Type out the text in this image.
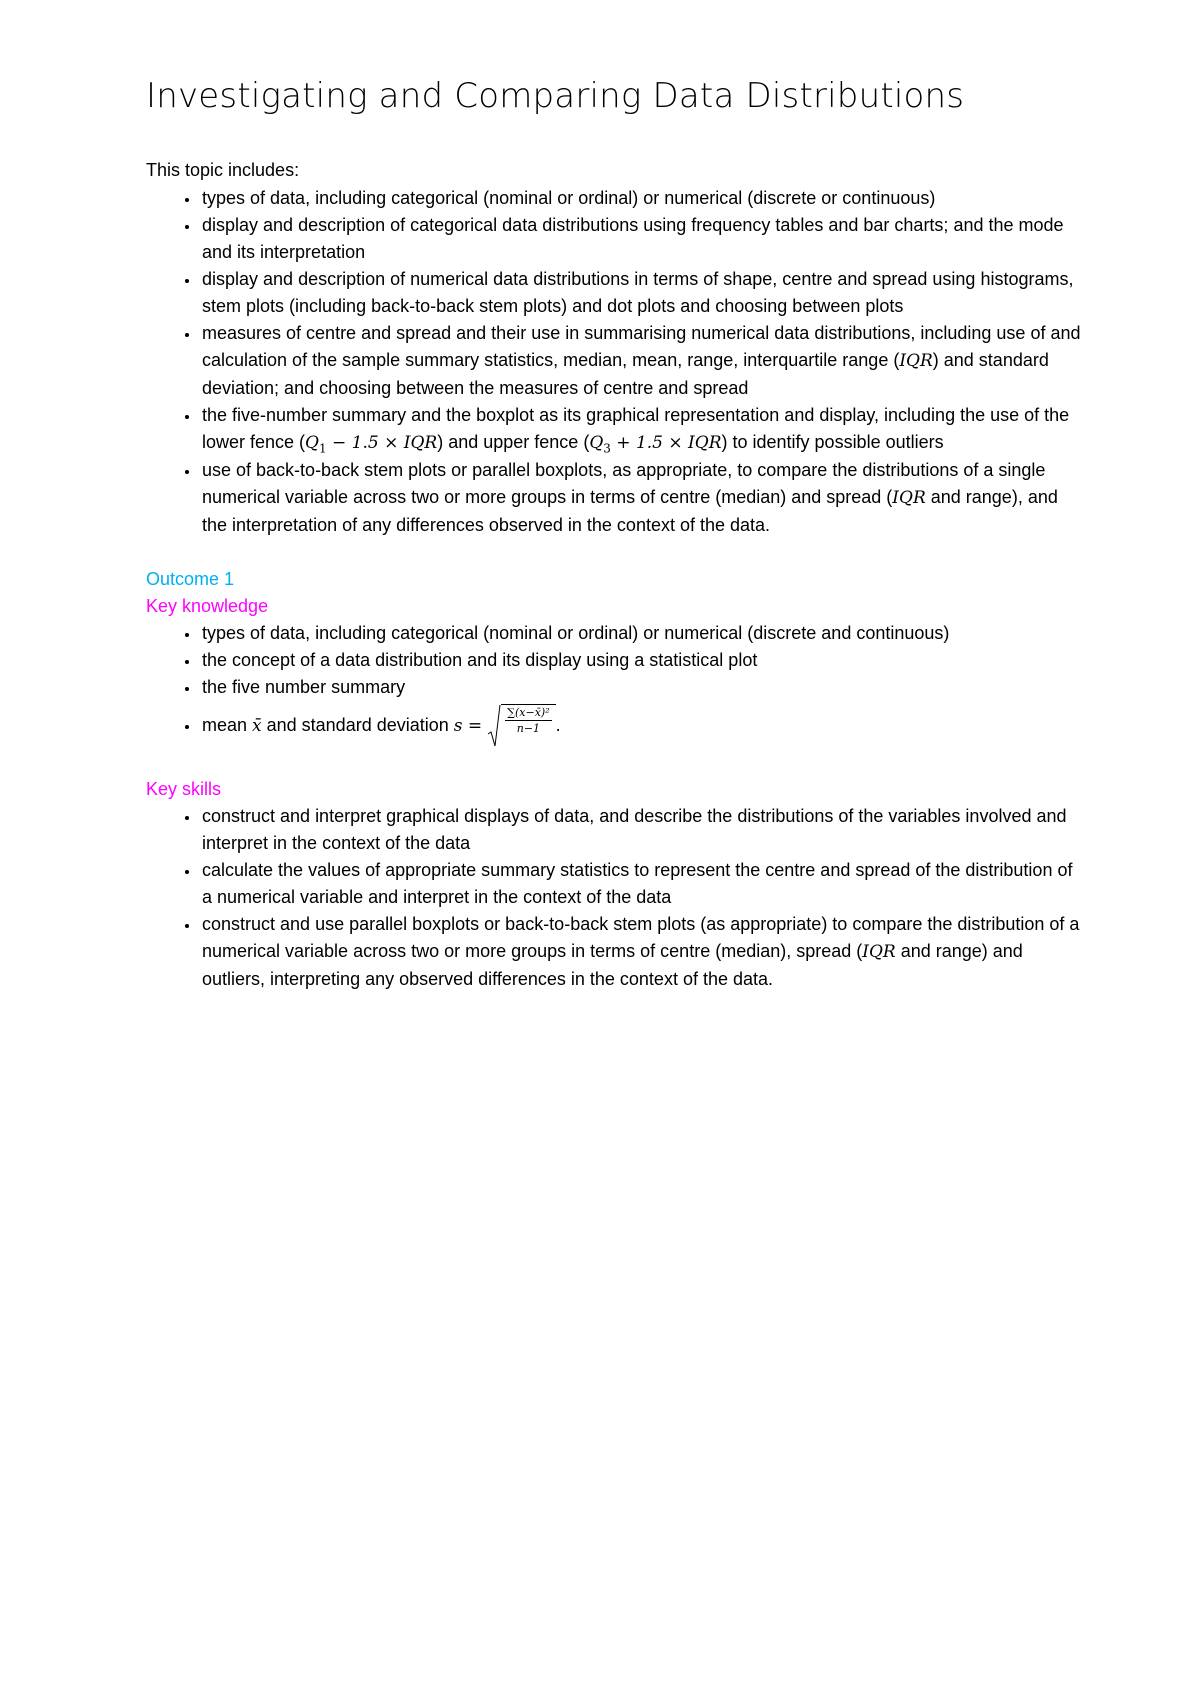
Investigating and Comparing Data Distributions

This topic includes:

• types of data, including categorical (nominal or ordinal) or numerical (discrete or continuous)
• display and description of categorical data distributions using frequency tables and bar charts; and the mode and its interpretation
• display and description of numerical data distributions in terms of shape, centre and spread using histograms, stem plots (including back-to-back stem plots) and dot plots and choosing between plots
• measures of centre and spread and their use in summarising numerical data distributions, including use of and calculation of the sample summary statistics, median, mean, range, interquartile range (IQR) and standard deviation; and choosing between the measures of centre and spread
• the five-number summary and the boxplot as its graphical representation and display, including the use of the lower fence $(Q_1 - 1.5 \times IQR)$ and upper fence $(Q_3 + 1.5 \times IQR)$ to identify possible outliers
• use of back-to-back stem plots or parallel boxplots, as appropriate, to compare the distributions of a single numerical variable across two or more groups in terms of centre (median) and spread (IQR and range), and the interpretation of any differences observed in the context of the data.

Outcome 1

Key knowledge

• types of data, including categorical (nominal or ordinal) or numerical (discrete and continuous)
• the concept of a data distribution and its display using a statistical plot
• the five number summary
• mean x̄ and standard deviation $s = \frac{\text{∑(x−x̄)²}}{n-1}$ .

Key skills

• construct and interpret graphical displays of data, and describe the distributions of the variables involved and interpret in the context of the data
• calculate the values of appropriate summary statistics to represent the centre and spread of the distribution of a numerical variable and interpret in the context of the data
• construct and use parallel boxplots or back-to-back stem plots (as appropriate) to compare the distribution of a numerical variable across two or more groups in terms of centre (median), spread (IQR and range) and outliers, interpreting any observed differences in the context of the data.
